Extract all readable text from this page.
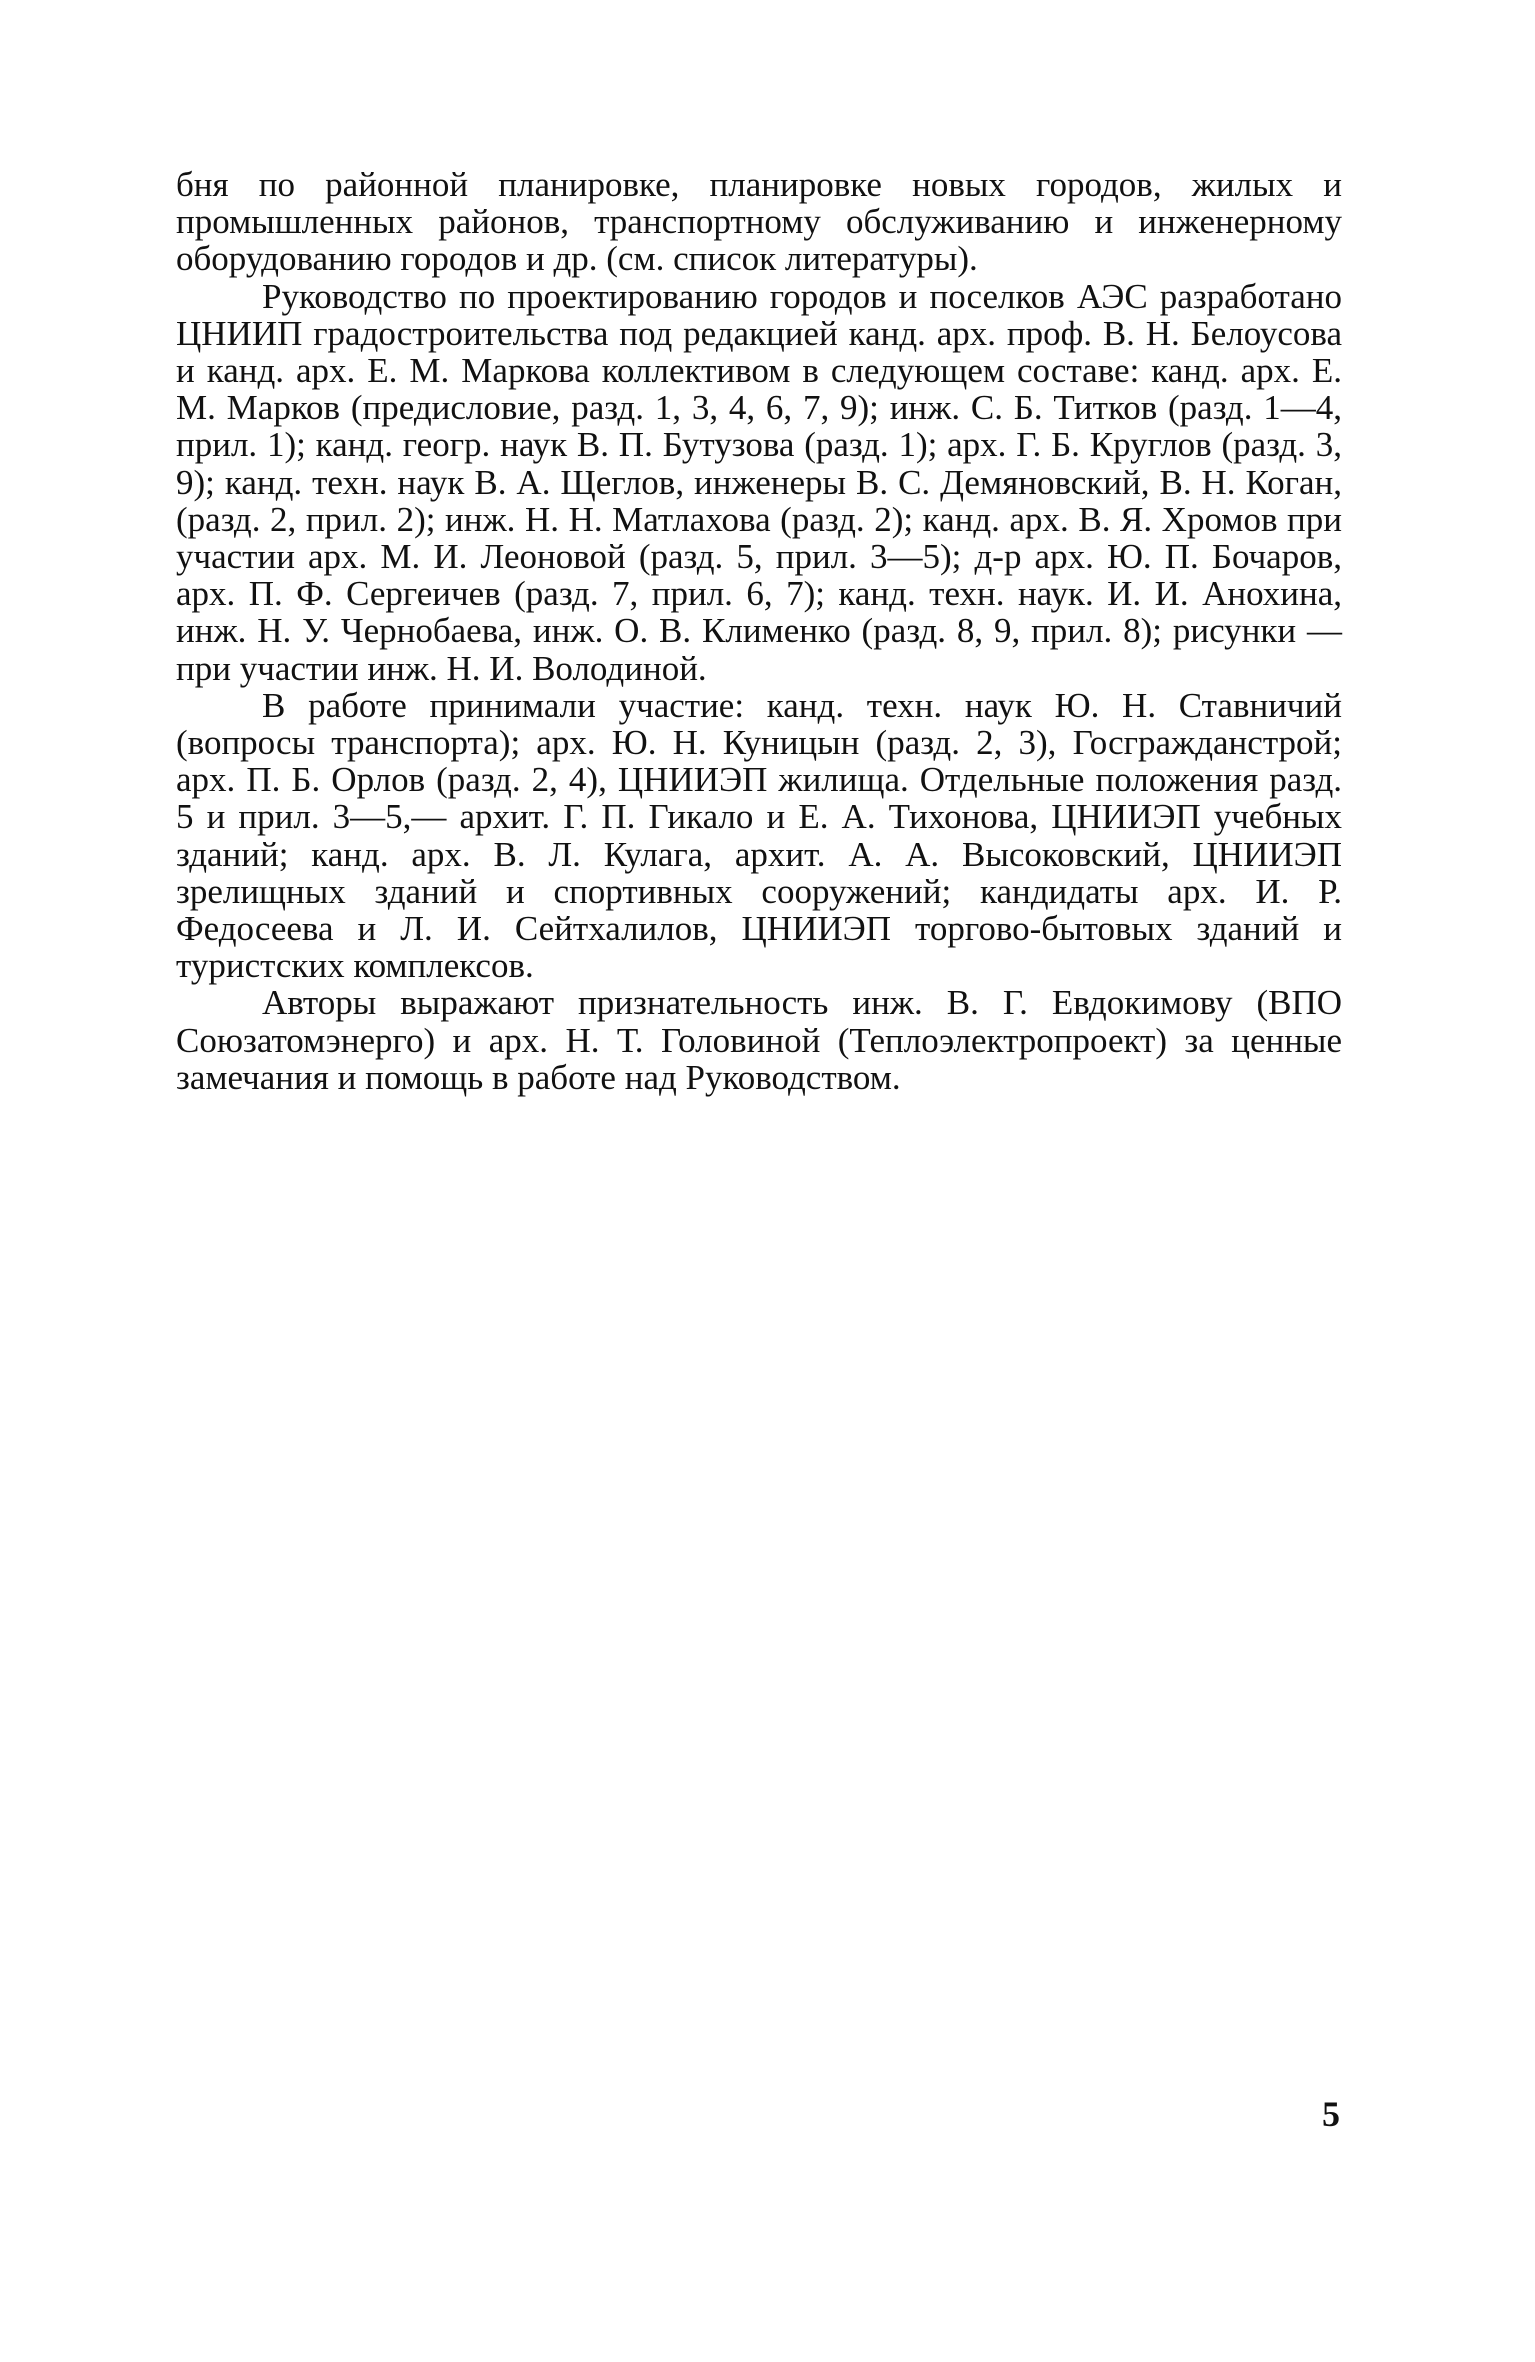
бня по районной планировке, планировке новых городов, жилых и промышленных районов, транспортному обслуживанию и инженерному оборудованию городов и др. (см. список литературы).

Руководство по проектированию городов и поселков АЭС разработано ЦНИИП градостроительства под редакцией канд. арх. проф. В. Н. Белоусова и канд. арх. Е. М. Маркова коллективом в следующем составе: канд. арх. Е. М. Марков (предисловие, разд. 1, 3, 4, 6, 7, 9); инж. С. Б. Титков (разд. 1—4, прил. 1); канд. геогр. наук В. П. Бутузова (разд. 1); арх. Г. Б. Круглов (разд. 3, 9); канд. техн. наук В. А. Щеглов, инженеры В. С. Демяновский, В. Н. Коган, (разд. 2, прил. 2); инж. Н. Н. Матлахова (разд. 2); канд. арх. В. Я. Хромов при участии арх. М. И. Леоновой (разд. 5, прил. 3—5); д-р арх. Ю. П. Бочаров, арх. П. Ф. Сергеичев (разд. 7, прил. 6, 7); канд. техн. наук. И. И. Анохина, инж. Н. У. Чернобаева, инж. О. В. Клименко (разд. 8, 9, прил. 8); рисунки — при участии инж. Н. И. Володиной.

В работе принимали участие: канд. техн. наук Ю. Н. Ставничий (вопросы транспорта); арх. Ю. Н. Куницын (разд. 2, 3), Госгражданстрой; арх. П. Б. Орлов (разд. 2, 4), ЦНИИЭП жилища. Отдельные положения разд. 5 и прил. 3—5,— архит. Г. П. Гикало и Е. А. Тихонова, ЦНИИЭП учебных зданий; канд. арх. В. Л. Кулага, архит. А. А. Высоковский, ЦНИИЭП зрелищных зданий и спортивных сооружений; кандидаты арх. И. Р. Федосеева и Л. И. Сейтхалилов, ЦНИИЭП торгово-бытовых зданий и туристских комплексов.

Авторы выражают признательность инж. В. Г. Евдокимову (ВПО Союзатомэнерго) и арх. Н. Т. Головиной (Теплоэлектропроект) за ценные замечания и помощь в работе над Руководством.

5
